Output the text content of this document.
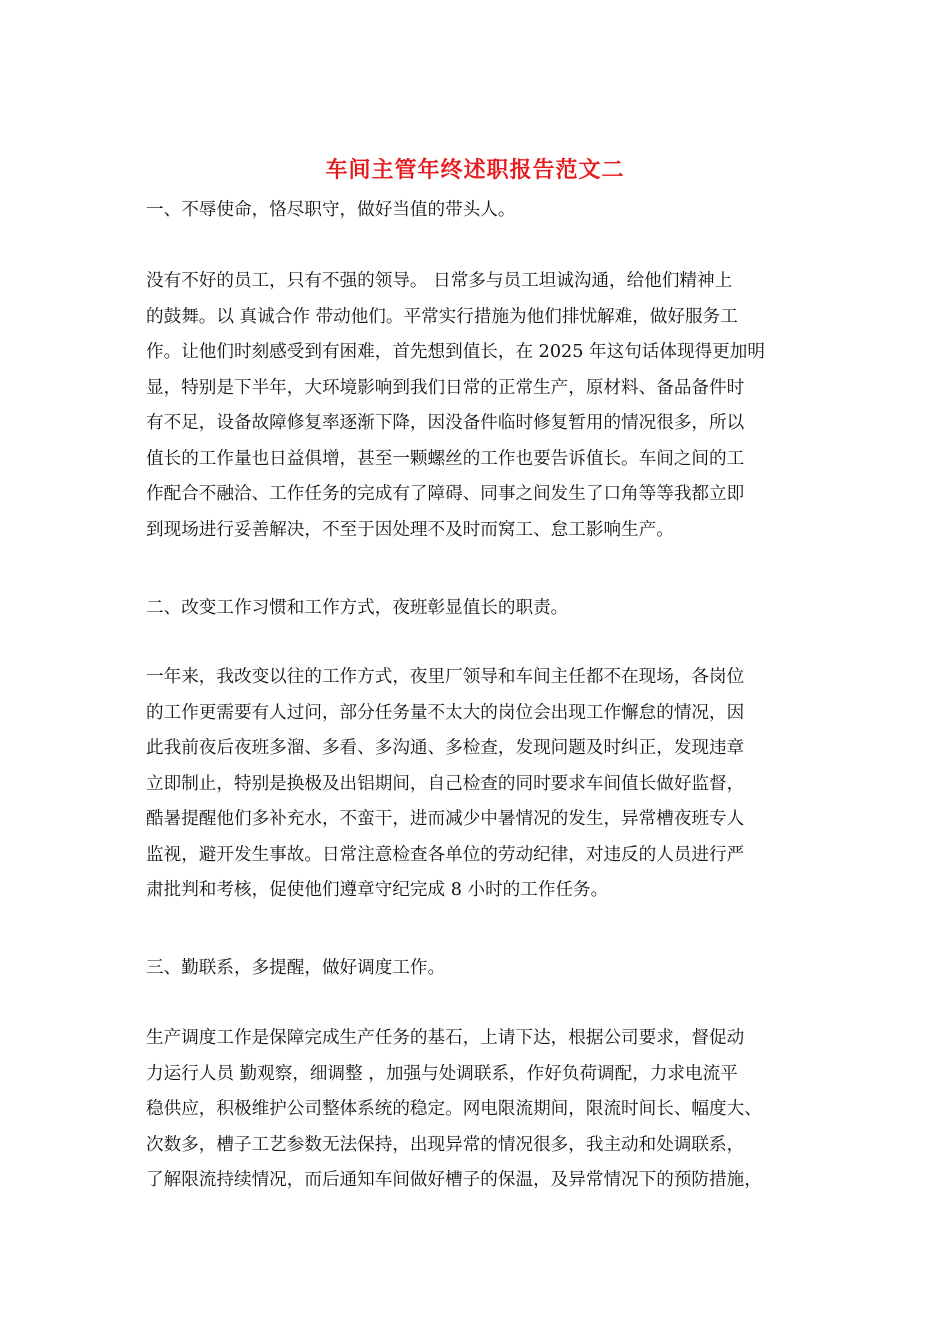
车间主管年终述职报告范文二
一、不辱使命，恪尽职守，做好当值的带头人。
没有不好的员工，只有不强的领导。 日常多与员工坦诚沟通，给他们精神上
的鼓舞。以 真诚合作 带动他们。平常实行措施为他们排忧解难，做好服务工
作。让他们时刻感受到有困难，首先想到值长，在 2025 年这句话体现得更加明
显，特别是下半年，大环境影响到我们日常的正常生产，原材料、备品备件时
有不足，设备故障修复率逐渐下降，因没备件临时修复暂用的情况很多，所以
值长的工作量也日益俱增，甚至一颗螺丝的工作也要告诉值长。车间之间的工
作配合不融洽、工作任务的完成有了障碍、同事之间发生了口角等等我都立即
到现场进行妥善解决，不至于因处理不及时而窝工、怠工影响生产。
二、改变工作习惯和工作方式，夜班彰显值长的职责。
一年来，我改变以往的工作方式，夜里厂领导和车间主任都不在现场，各岗位
的工作更需要有人过问，部分任务量不太大的岗位会出现工作懈怠的情况，因
此我前夜后夜班多溜、多看、多沟通、多检查，发现问题及时纠正，发现违章
立即制止，特别是换极及出铝期间，自己检查的同时要求车间值长做好监督，
酷暑提醒他们多补充水，不蛮干，进而减少中暑情况的发生，异常槽夜班专人
监视，避开发生事故。日常注意检查各单位的劳动纪律，对违反的人员进行严
肃批判和考核，促使他们遵章守纪完成 8 小时的工作任务。
三、勤联系，多提醒，做好调度工作。
生产调度工作是保障完成生产任务的基石，上请下达，根据公司要求，督促动
力运行人员 勤观察，细调整 ，加强与处调联系，作好负荷调配，力求电流平
稳供应，积极维护公司整体系统的稳定。网电限流期间，限流时间长、幅度大、
次数多，槽子工艺参数无法保持，出现异常的情况很多，我主动和处调联系，
了解限流持续情况，而后通知车间做好槽子的保温，及异常情况下的预防措施，
